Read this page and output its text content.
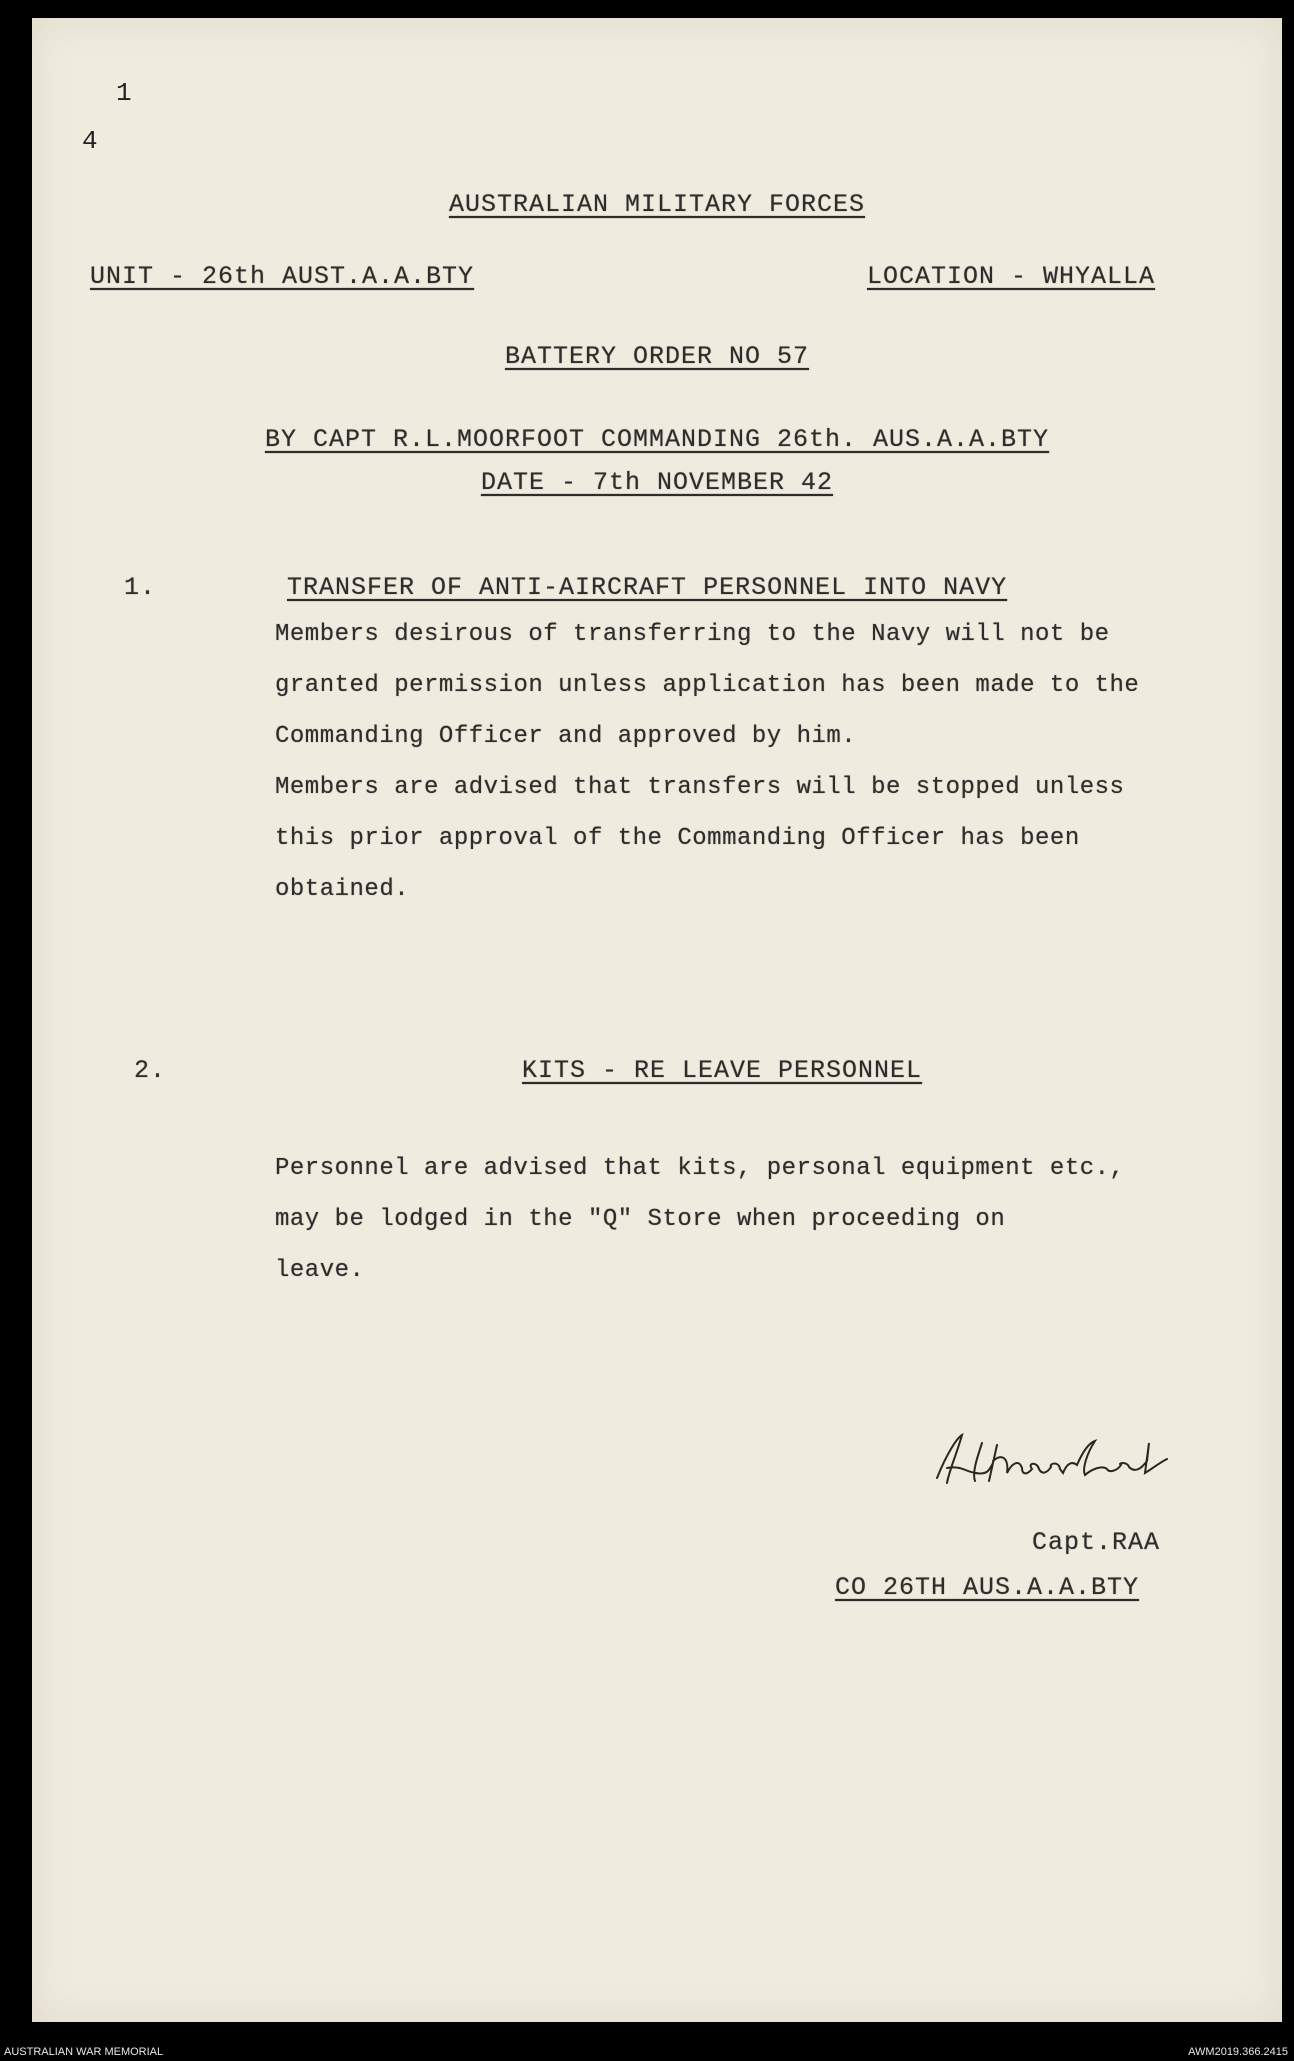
1
4
AUSTRALIAN MILITARY FORCES
UNIT - 26th AUST.A.A.BTY	LOCATION - WHYALLA
BATTERY ORDER NO 57
BY CAPT R.L.MOORFOOT COMMANDING 26th. AUS.A.A.BTY
DATE - 7th NOVEMBER 42
1.	TRANSFER OF ANTI-AIRCRAFT PERSONNEL INTO NAVY
Members desirous of transferring to the Navy will not be
granted permission unless application has been made to the
Commanding Officer and approved by him.
Members are advised that transfers will be stopped unless
this prior approval of the Commanding Officer has been
obtained.
2.	KITS - RE LEAVE PERSONNEL
Personnel are advised that kits, personal equipment etc.,
may be lodged in the "Q" Store when proceeding on
leave.
Capt.RAA
CO 26TH AUS.A.A.BTY
AUSTRALIAN WAR MEMORIAL	AWM2019.366.2415
